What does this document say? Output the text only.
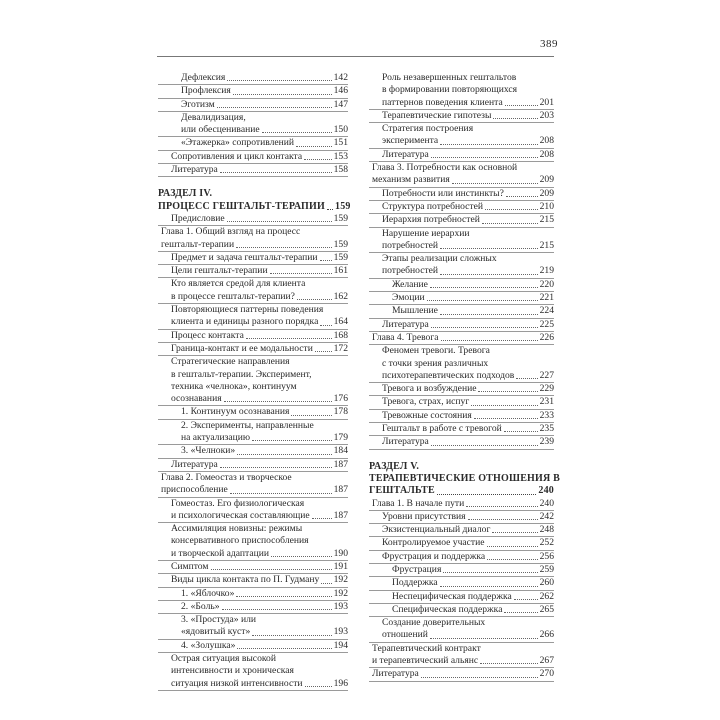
389
Дефлексия	142
Профлексия	146
Эготизм	147
Девалидизация,
или обесценивание	150
«Этажерка» сопротивлений	151
Сопротивления и цикл контакта	153
Литература	158
РАЗДЕЛ IV.
ПРОЦЕСС ГЕШТАЛЬТ-ТЕРАПИИ 159
Предисловие	159
Глава 1. Общий взгляд на процесс
гештальт-терапии	159
Предмет и задача гештальт-терапии 159
Цели гештальт-терапии	161
Кто является средой для клиента
в процессе гештальт-терапии?	162
Повторяющиеся паттерны поведения
клиента и единицы разного порядка 164
Процесс контакта	168
Граница-контакт и ее модальности 172
Стратегические направления
в гештальт-терапии. Эксперимент,
техника «челнока», континуум
осознавания	176
1. Континуум осознавания	178
2. Эксперименты, направленные
на актуализацию	179
3. «Челноки»	184
Литература	187
Глава 2. Гомеостаз и творческое
приспособление	187
Гомеостаз. Его физиологическая
и психологическая составляющие 187
Ассимиляция новизны: режимы
консервативного приспособления
и творческой адаптации	190
Симптом	191
Виды цикла контакта по П. Гудману 192
1. «Яблочко»	192
2. «Боль»	193
3. «Простуда» или
«ядовитый куст»	193
4. «Золушка»	194
Острая ситуация высокой
интенсивности и хроническая
ситуация низкой интенсивности	196
Роль незавершенных гештальтов
в формировании повторяющихся
паттернов поведения клиента	201
Терапевтические гипотезы	203
Стратегия построения
эксперимента	208
Литература	208
Глава 3. Потребности как основной
механизм развития	209
Потребности или инстинкты?	209
Структура потребностей	210
Иерархия потребностей	215
Нарушение иерархии
потребностей	215
Этапы реализации сложных
потребностей	219
Желание	220
Эмоции	221
Мышление	224
Литература	225
Глава 4. Тревога	226
Феномен тревоги. Тревога
с точки зрения различных
психотерапевтических подходов	227
Тревога и возбуждение	229
Тревога, страх, испуг	231
Тревожные состояния	233
Гештальт в работе с тревогой	235
Литература	239
РАЗДЕЛ V.
ТЕРАПЕВТИЧЕСКИЕ ОТНОШЕНИЯ В
ГЕШТАЛЬТЕ	240
Глава 1. В начале пути	240
Уровни присутствия	242
Экзистенциальный диалог	248
Контролируемое участие	252
Фрустрация и поддержка	256
Фрустрация	259
Поддержка	260
Неспецифическая поддержка	262
Специфическая поддержка	265
Создание доверительных
отношений	266
Терапевтический контракт
и терапевтический альянс	267
Литература	270
